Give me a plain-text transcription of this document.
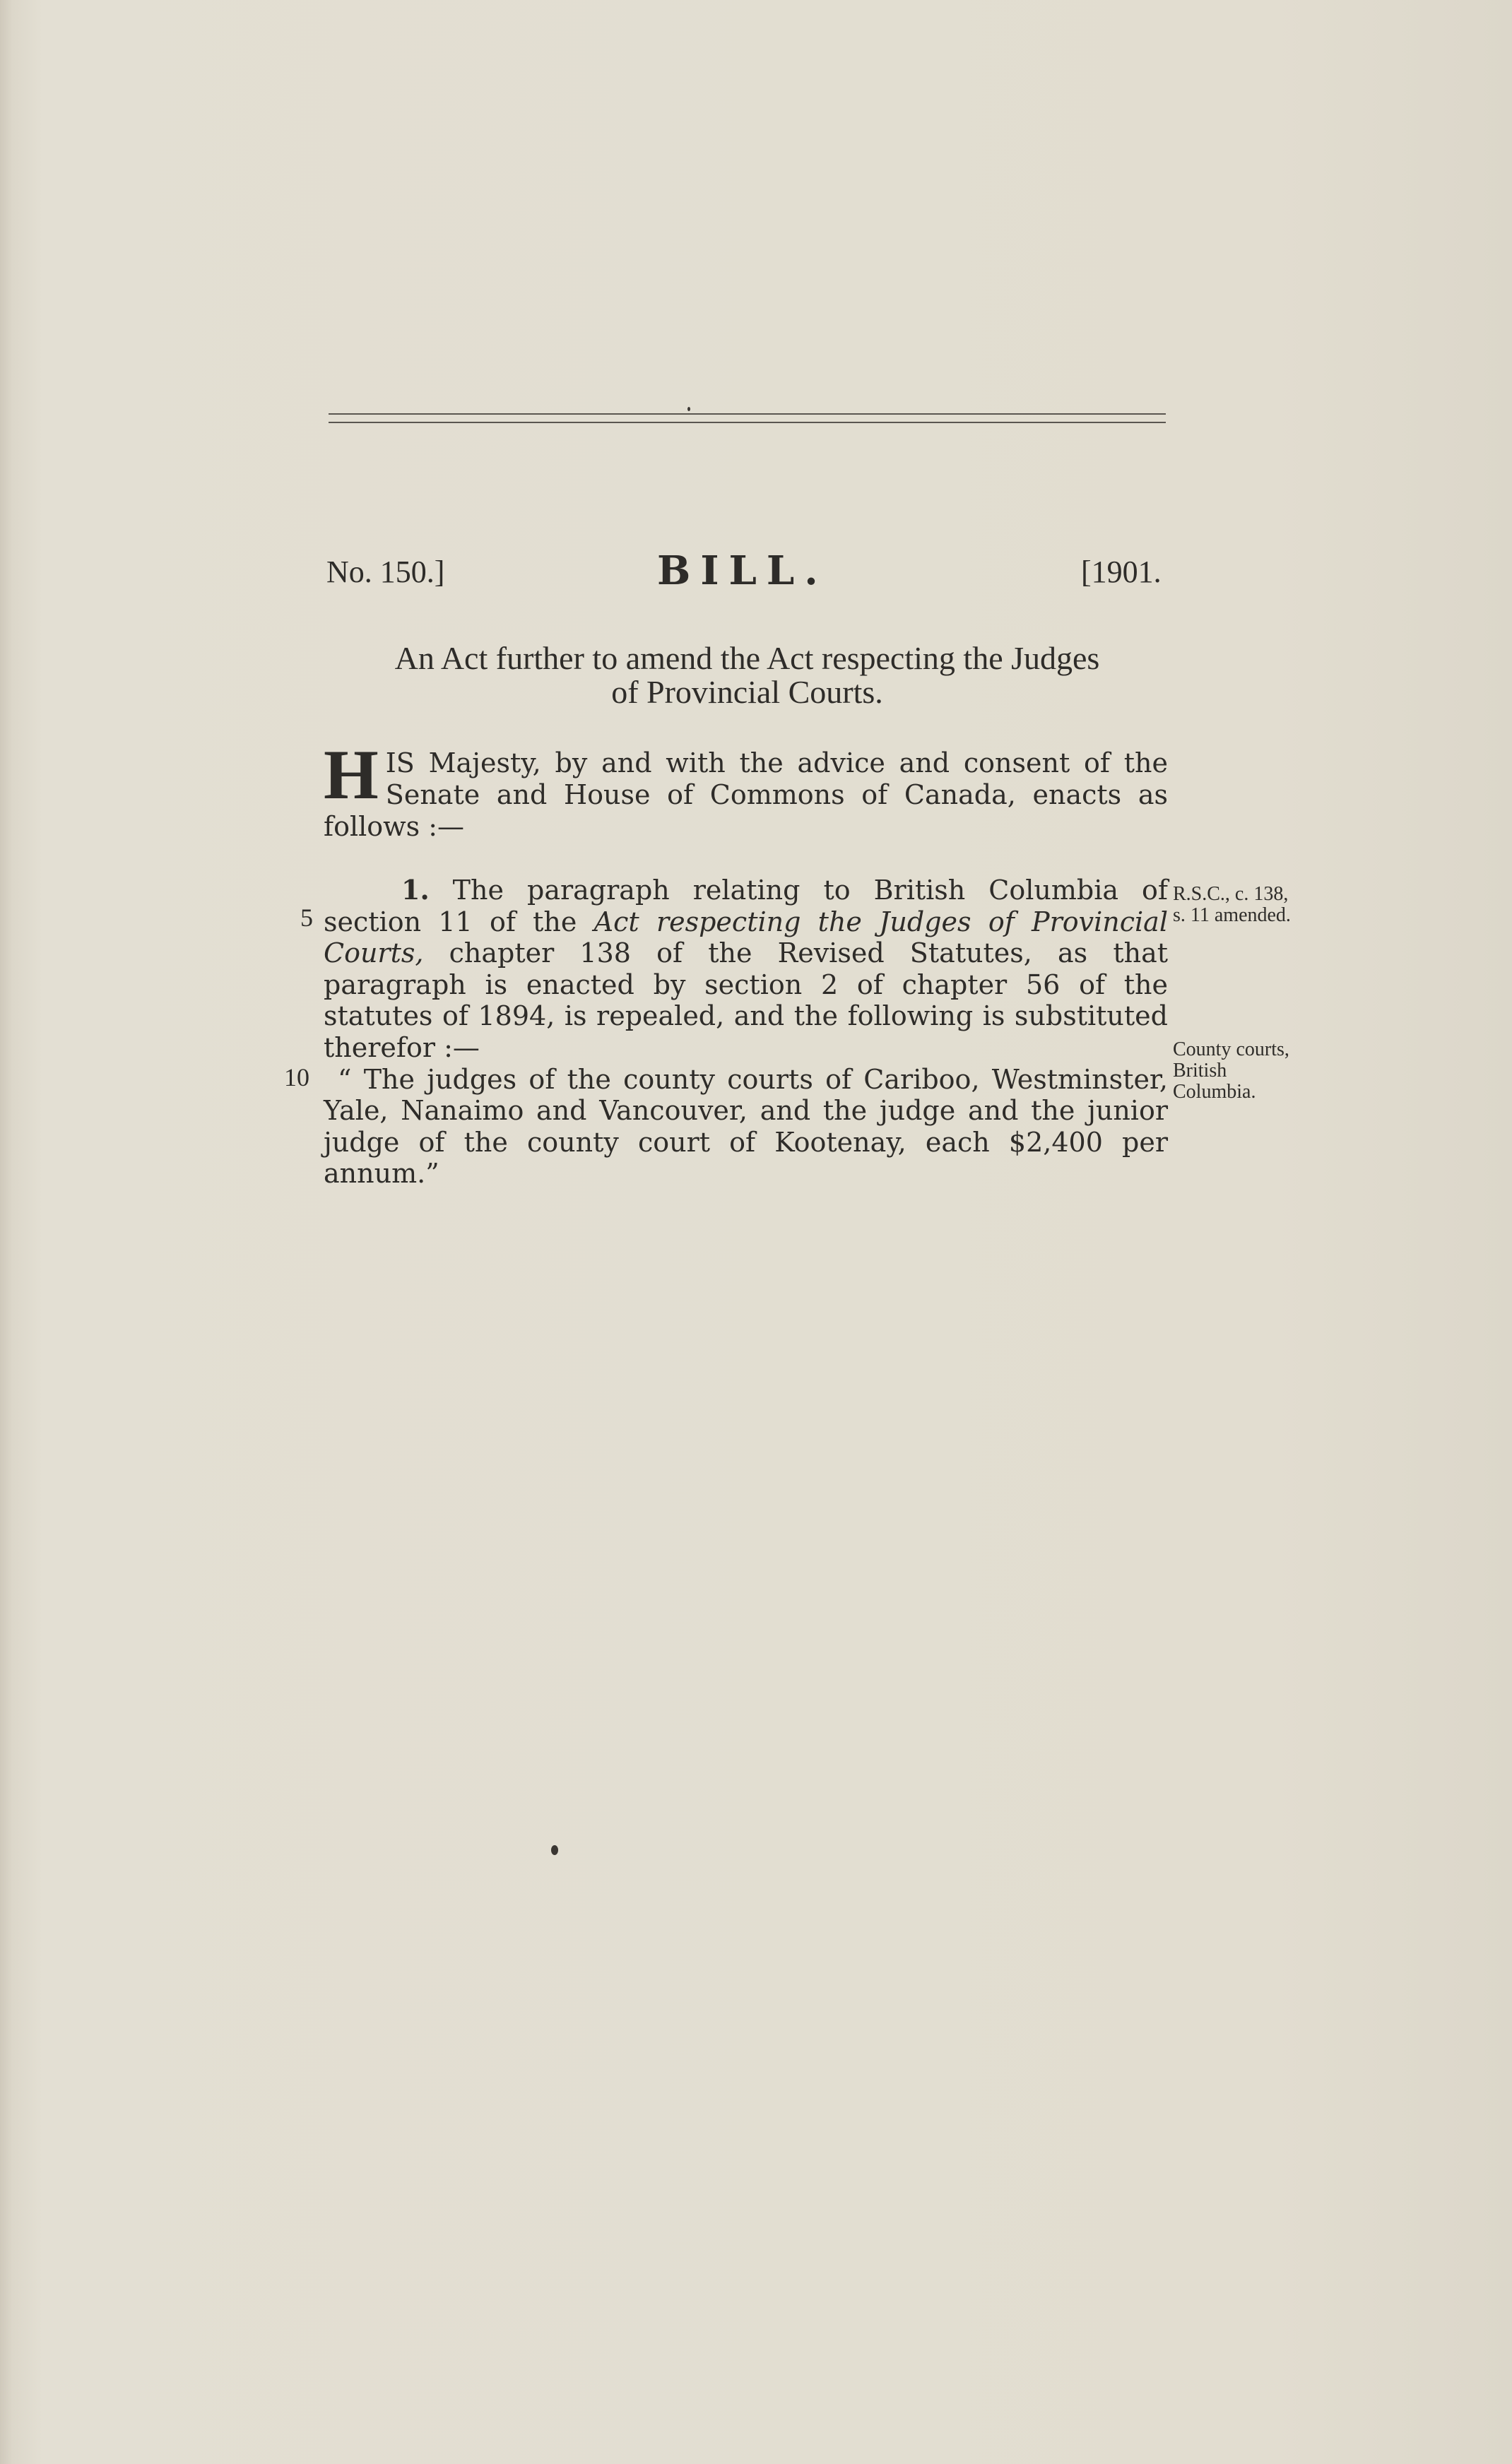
No. 150.]	BILL.	[1901.
An Act further to amend the Act respecting the Judges
of Provincial Courts.
HIS Majesty, by and with the advice and consent of the Senate and House of Commons of Canada, enacts as follows :—

1. The paragraph relating to British Columbia of section 11 of the Act respecting the Judges of Provincial Courts, chapter 138 of the Revised Statutes, as that paragraph is enacted by section 2 of chapter 56 of the statutes of 1894, is repealed, and the following is substituted therefor :—

“ The judges of the county courts of Cariboo, Westminster, Yale, Nanaimo and Vancouver, and the judge and the junior judge of the county court of Kootenay, each $2,400 per annum.”

5
10
R.S.C., c. 138,
s. 11 amended.
County courts,
British
Columbia.
